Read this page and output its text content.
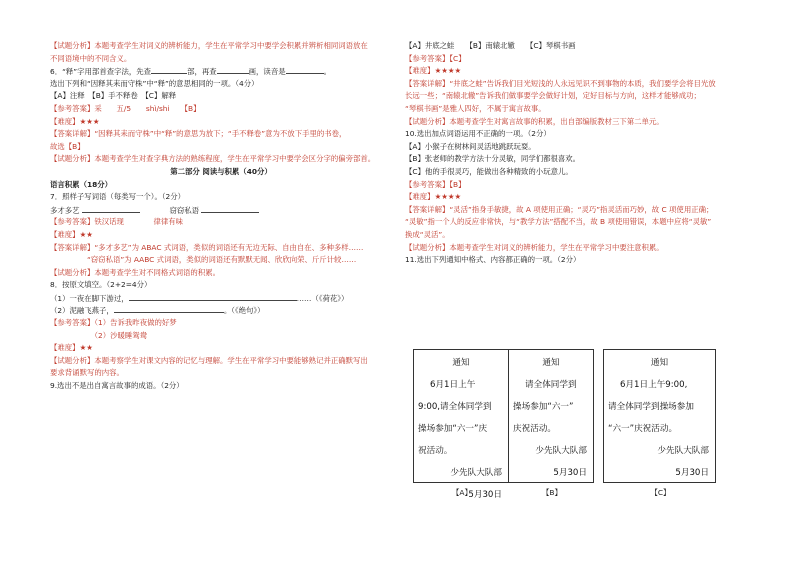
【试题分析】本题考查学生对词义的辨析能力，学生在平常学习中要学会积累并辨析相同词语放在
不同语境中的不同含义。
6．“释”字用部首查字法，先查	部，再查	画，读音是	。
选出下列和“因释其耒而守株”中“释”的意思相同的一项。（4分）
【A】注释　【B】手不释卷　【C】解释
【参考答案】采　　五/5　　shì/shi　　【B】
【难度】★★★
【答案详解】“因释其耒而守株”中“释”的意思为放下；“手不释卷”意为不放下手里的书卷，
故选【B】
【试题分析】本题考查学生对查字典方法的熟练程度，学生在平常学习中要学会区分字的偏旁部首。
第二部分 阅读与积累（40分）
语言积累（18分）
7．照样子写词语（每类写一个）。（2分）
多才多艺	　　　　窃窃私语
【参考答案】铁汉话现　　　　律律有味
【难度】★★
【答案详解】“多才多艺”为 ABAC 式词语，类似的词语还有无边无际、自由自在、多种多样……
　　　　　“窃窃私语”为 AABC 式词语，类似的词语还有默默无闻、欣欣向荣、斤斤计较……
【试题分析】本题考查学生对不同格式词语的积累。
8．按原文填空。（2+2=4分）
（1）一夜在脚下游过，	……（《荷花》）
（2）泥融飞燕子，	。（《绝句》）
【参考答案】（1）告诉我昨夜做的好梦
　　　　　　（2）沙暖睡鸳鸯
【难度】★★
【试题分析】本题考察学生对课文内容的记忆与理解。学生在平常学习中要能够熟记并正确默写出
要求背诵默写的内容。
9.选出不是出自寓言故事的成语。（2分）
【A】井底之蛙　　【B】南辕北辙　　【C】琴棋书画
【参考答案】【C】
【难度】★★★★
【答案详解】“井底之蛙”告诉我们目光短浅的人永远见识不到事物的本质，我们要学会将目光放
长远一些；“南辕北辙”告诉我们做事要学会做好计划，定好目标与方向，这样才能够成功；
“琴棋书画”是雅人四好，不属于寓言故事。
【试题分析】本题考查学生对寓言故事的积累，出自部编版教材三下第二单元。
10.选出加点词语运用不正确的一项。（2分）
【A】小猴子在树林间灵活地跳跃玩耍。
【B】张老师的教学方法十分灵敏，同学们都很喜欢。
【C】他的手很灵巧，能做出各种精致的小玩意儿。
【参考答案】【B】
【难度】★★★★
【答案详解】“灵活”指身手敏捷，故 A 项使用正确；“灵巧”指灵活而巧妙，故 C 项使用正确；
“灵敏”指一个人的反应非常快，与“教学方法”搭配不当，故 B 项使用错误，本题中应将“灵敏”
换成“灵活”。
【试题分析】本题考查学生对词义的辨析能力，学生在平常学习中要注意积累。
11.选出下列通知中格式、内容都正确的一项。（2分）
通知
6月1日上午
9:00,请全体同学到
操场参加“六一”庆
祝活动。
少先队大队部
5月30日
【A】
通知
请全体同学到
操场参加“六一”
庆祝活动。
少先队大队部
5月30日
【B】
通知
6月1日上午9:00,
请全体同学到操场参加
“六一”庆祝活动。
少先队大队部
5月30日
【C】
